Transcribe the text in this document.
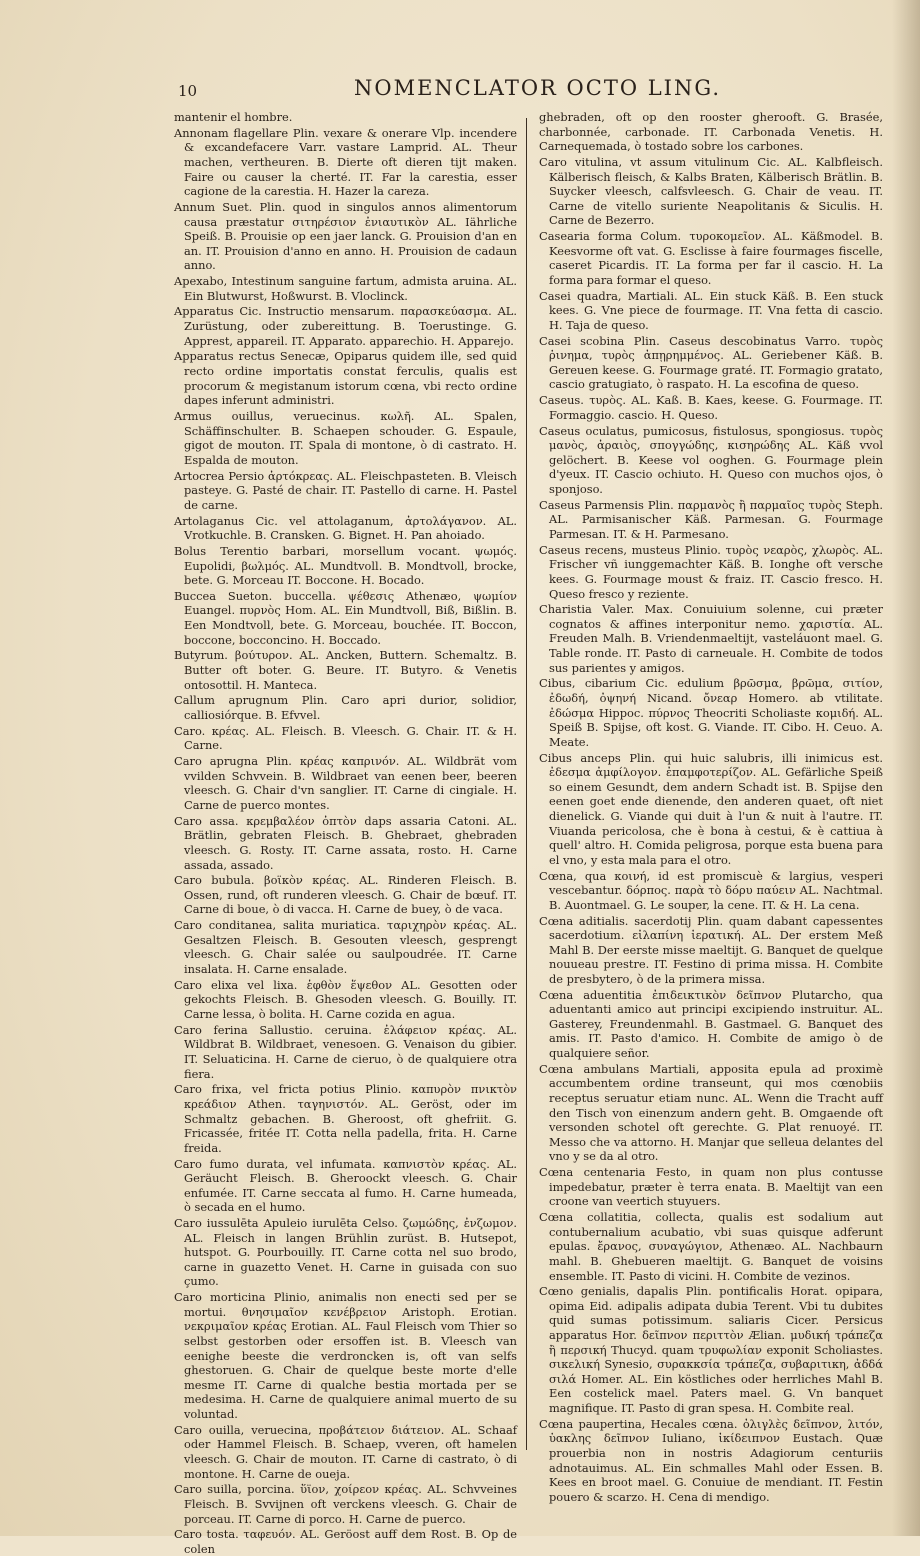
10	NOMENCLATOR OCTO LING.

mantenir el hombre.

Annonam flagellare Plin. vexare & onerare Vlp. incendere & excandefacere Varr. vastare Lamprid. AL. Theur machen, vertheuren. B. Dierte oft dieren tijt maken. Faire ou causer la cherté. IT. Far la carestia, esser cagione de la carestia. H. Hazer la careza.

Annum Suet. Plin. quod in singulos annos alimentorum causa præstatur σιτηρέσιον ἐνιαυτικὸν AL. Iährliche Speiß. B. Prouisie op een jaer lanck. G. Prouision d'an en an. IT. Prouision d'anno en anno. H. Prouision de cadaun anno.

Apexabo, Intestinum sanguine fartum, admista aruina. AL. Ein Blutwurst, Hoßwurst. B. Vloclinck.

Apparatus Cic. Instructio mensarum. παρασκεύασμα. AL. Zurüstung, oder zubereittung. B. Toerustinge. G. Apprest, appareil. IT. Apparato. apparechio. H. Apparejo.

Apparatus rectus Senecæ, Opiparus quidem ille, sed quid recto ordine importatis constat ferculis, qualis est procorum & megistanum istorum cœna, vbi recto ordine dapes inferunt administri.

Armus ouillus, veruecinus. κωλῆ. AL. Spalen, Schäffinschulter. B. Schaepen schouder. G. Espaule, gigot de mouton. IT. Spala di montone, ò di castrato. H. Espalda de mouton.

Artocrea Persio ἀρτόκρεας. AL. Fleischpasteten. B. Vleisch pasteye. G. Pasté de chair. IT. Pastello di carne. H. Pastel de carne.

Artolaganus Cic. vel attolaganum, ἀρτολάγανον. AL. Vrotkuchle. B. Cransken. G. Bignet. H. Pan ahoiado.

Bolus Terentio barbari, morsellum vocant. ψωμός. Eupolidi, βωλμός. AL. Mundtvoll. B. Mondtvoll, brocke, bete. G. Morceau IT. Boccone. H. Bocado.

Buccea Sueton. buccella. ψέθεσις Athenæo, ψωμίον Euangel. πυρνὸς Hom. AL. Ein Mundtvoll, Biß, Bißlin. B. Een Mondtvoll, bete. G. Morceau, bouchée. IT. Boccon, boccone, bocconcino. H. Boccado.

Butyrum. βούτυρον. AL. Ancken, Buttern. Schemaltz. B. Butter oft boter. G. Beure. IT. Butyro. & Venetis ontosottil. H. Manteca.

Callum aprugnum Plin. Caro apri durior, solidior, calliosiórque. B. Efvvel.

Caro. κρέας. AL. Fleisch. B. Vleesch. G. Chair. IT. & H. Carne.

Caro aprugna Plin. κρέας καπρινόν. AL. Wildbrät vom vvilden Schvvein. B. Wildbraet van eenen beer, beeren vleesch. G. Chair d'vn sanglier. IT. Carne di cingiale. H. Carne de puerco montes.

Caro assa. κρεμβαλέον ὀπτὸν daps assaria Catoni. AL. Brätlin, gebraten Fleisch. B. Ghebraet, ghebraden vleesch. G. Rosty. IT. Carne assata, rosto. H. Carne assada, assado.

Caro bubula. βοϊκὸν κρέας. AL. Rinderen Fleisch. B. Ossen, rund, oft runderen vleesch. G. Chair de bœuf. IT. Carne di boue, ò di vacca. H. Carne de buey, ò de vaca.

Caro conditanea, salita muriatica. ταριχηρὸν κρέας. AL. Gesaltzen Fleisch. B. Gesouten vleesch, gesprengt vleesch. G. Chair salée ou saulpoudrée. IT. Carne insalata. H. Carne ensalade.

Caro elixa vel lixa. ἑφθὸν ἕψεθον AL. Gesotten oder gekochts Fleisch. B. Ghesoden vleesch. G. Bouilly. IT. Carne lessa, ò bolita. H. Carne cozida en agua.

Caro ferina Sallustio. ceruina. ἐλάφειον κρέας. AL. Wildbrat B. Wildbraet, venesoen. G. Venaison du gibier. IT. Seluaticina. H. Carne de cieruo, ò de qualquiere otra fiera.

Caro frixa, vel fricta potius Plinio. καπυρὸν πνικτὸν κρεάδιον Athen. ταγηνιστόν. AL. Geröst, oder im Schmaltz gebachen. B. Gheroost, oft ghefriit. G. Fricassée, fritée IT. Cotta nella padella, frita. H. Carne freida.

Caro fumo durata, vel infumata. καπνιστὸν κρέας. AL. Geräucht Fleisch. B. Gheroockt vleesch. G. Chair enfumée. IT. Carne seccata al fumo. H. Carne humeada, ò secada en el humo.

Caro iussulēta Apuleio iurulēta Celso. ζωμώδης, ἐνζωμον. AL. Fleisch in langen Brühlin zurüst. B. Hutsepot, hutspot. G. Pourbouilly. IT. Carne cotta nel suo brodo, carne in guazetto Venet. H. Carne in guisada con suo çumo.

Caro morticina Plinio, animalis non enecti sed per se mortui. θνησιμαῖον κενέβρειον Aristoph. Erotian. νεκριμαῖον κρέας Erotian. AL. Faul Fleisch vom Thier so selbst gestorben oder ersoffen ist. B. Vleesch van eenighe beeste die verdroncken is, oft van selfs ghestoruen. G. Chair de quelque beste morte d'elle mesme IT. Carne di qualche bestia mortada per se medesima. H. Carne de qualquiere animal muerto de su voluntad.

Caro ouilla, veruecina, προβάτειον διάτειον. AL. Schaaf oder Hammel Fleisch. B. Schaep, vveren, oft hamelen vleesch. G. Chair de mouton. IT. Carne di castrato, ò di montone. H. Carne de oueja.

Caro suilla, porcina. ὕϊον, χοίρεον κρέας. AL. Schvveines Fleisch. B. Svvijnen oft verckens vleesch. G. Chair de porceau. IT. Carne di porco. H. Carne de puerco.

Caro tosta. ταφευόν. AL. Geröost auff dem Rost. B. Op de colen

ghebraden, oft op den rooster gherooft. G. Brasée, charbonnée, carbonade. IT. Carbonada Venetis. H. Carnequemada, ò tostado sobre los carbones.

Caro vitulina, vt assum vitulinum Cic. AL. Kalbfleisch. Kälberisch fleisch, & Kalbs Braten, Kälberisch Brätlin. B. Suycker vleesch, calfsvleesch. G. Chair de veau. IT. Carne de vitello suriente Neapolitanis & Siculis. H. Carne de Bezerro.

Casearia forma Colum. τυροκομεῖον. AL. Käßmodel. B. Keesvorme oft vat. G. Esclisse à faire fourmages fiscelle, caseret Picardis. IT. La forma per far il cascio. H. La forma para formar el queso.

Casei quadra, Martiali. AL. Ein stuck Käß. B. Een stuck kees. G. Vne piece de fourmage. IT. Vna fetta di cascio. H. Taja de queso.

Casei scobina Plin. Caseus descobinatus Varro. τυρὸς ῥινημα, τυρὸς ἀπῃρημμένος. AL. Geriebener Käß. B. Gereuen keese. G. Fourmage graté. IT. Formagio gratato, cascio gratugiato, ò raspato. H. La escofina de queso.

Caseus. τυρὸς. AL. Kaß. B. Kaes, keese. G. Fourmage. IT. Formaggio. cascio. H. Queso.

Caseus oculatus, pumicosus, fistulosus, spongiosus. τυρὸς μανὸς, ἀραιὸς, σπογγώδης, κισηρώδης AL. Käß vvol gelöchert. B. Keese vol ooghen. G. Fourmage plein d'yeux. IT. Cascio ochiuto. H. Queso con muchos ojos, ò sponjoso.

Caseus Parmensis Plin. παρμανὸς ἢ παρμαῖος τυρὸς Steph. AL. Parmisanischer Käß. Parmesan. G. Fourmage Parmesan. IT. & H. Parmesano.

Caseus recens, musteus Plinio. τυρὸς νεαρὸς, χλωρὸς. AL. Frischer vñ iunggemachter Käß. B. Ionghe oft versche kees. G. Fourmage moust & fraiz. IT. Cascio fresco. H. Queso fresco y reziente.

Charistia Valer. Max. Conuiuium solenne, cui præter cognatos & affines interponitur nemo. χαριστία. AL. Freuden Malh. B. Vriendenmaeltijt, vasteláuont mael. G. Table ronde. IT. Pasto di carneuale. H. Combite de todos sus parientes y amigos.

Cibus, cibarium Cic. edulium βρῶσμα, βρῶμα, σιτίον, ἐδωδή, ὀψηνή Nicand. ὄνεαρ Homero. ab vtilitate. ἐδώσμα Hippoc. πύρνος Theocriti Scholiaste κομιδή. AL. Speiß B. Spijse, oft kost. G. Viande. IT. Cibo. H. Ceuo. A. Meate.

Cibus anceps Plin. qui huic salubris, illi inimicus est. ἐδεσμα ἀμφίλογον. ἐπαμφοτερίζον. AL. Gefärliche Speiß so einem Gesundt, dem andern Schadt ist. B. Spijse den eenen goet ende dienende, den anderen quaet, oft niet dienelick. G. Viande qui duit à l'un & nuit à l'autre. IT. Viuanda pericolosa, che è bona à cestui, & è cattiua à quell' altro. H. Comida peligrosa, porque esta buena para el vno, y esta mala para el otro.

Cœna, qua κοινή, id est promiscuè & largius, vesperi vescebantur. δόρπος. παρὰ τὸ δόρυ παύειν AL. Nachtmal. B. Auontmael. G. Le souper, la cene. IT. & H. La cena.

Cœna aditialis. sacerdotij Plin. quam dabant capessentes sacerdotium. εἰλαπίνη ἱερατική. AL. Der erstem Meß Mahl B. Der eerste misse maeltijt. G. Banquet de quelque nouueau prestre. IT. Festino di prima missa. H. Combite de presbytero, ò de la primera missa.

Cœna aduentitia ἐπιδεικτικὸν δεῖπνον Plutarcho, qua aduentanti amico aut principi excipiendo instruitur. AL. Gasterey, Freundenmahl. B. Gastmael. G. Banquet des amis. IT. Pasto d'amico. H. Combite de amigo ò de qualquiere señor.

Cœna ambulans Martiali, apposita epula ad proximè accumbentem ordine transeunt, qui mos cœnobiis receptus seruatur etiam nunc. AL. Wenn die Tracht auff den Tisch von einenzum andern geht. B. Omgaende oft versonden schotel oft gerechte. G. Plat renuoyé. IT. Messo che va attorno. H. Manjar que selleua delantes del vno y se da al otro.

Cœna centenaria Festo, in quam non plus contusse impedebatur, præter è terra enata. B. Maeltijt van een croone van veertich stuyuers.

Cœna collatitia, collecta, qualis est sodalium aut contubernalium acubatio, vbi suas quisque adferunt epulas. ἔρανος, συναγώγιον, Athenæo. AL. Nachbaurn mahl. B. Ghebueren maeltijt. G. Banquet de voisins ensemble. IT. Pasto di vicini. H. Combite de vezinos.

Cœno genialis, dapalis Plin. pontificalis Horat. opipara, opima Eid. adipalis adipata dubia Terent. Vbi tu dubites quid sumas potissimum. saliaris Cicer. Persicus apparatus Hor. δεῖπνον περιττὸν Ælian. μυδική τράπεζα ἢ περσική Thucyd. quam τρυφωλίαν exponit Scholiastes. σικελική Synesio, συρακκσία τράπεζα, συβαριτικη, ἀδδά σιλά Homer. AL. Ein köstliches oder herrliches Mahl B. Een costelick mael. Paters mael. G. Vn banquet magnifique. IT. Pasto di gran spesa. H. Combite real.

Cœna paupertina, Hecales cœna. ὀλιγλὲς δεῖπνον, λιτόν, ὑακλης δεῖπνον Iuliano, ἰκίδειπνον Eustach. Quæ prouerbia non in nostris Adagiorum centuriis adnotauimus. AL. Ein schmalles Mahl oder Essen. B. Kees en broot mael. G. Conuiue de mendiant. IT. Festin pouero & scarzo. H. Cena di mendigo.
